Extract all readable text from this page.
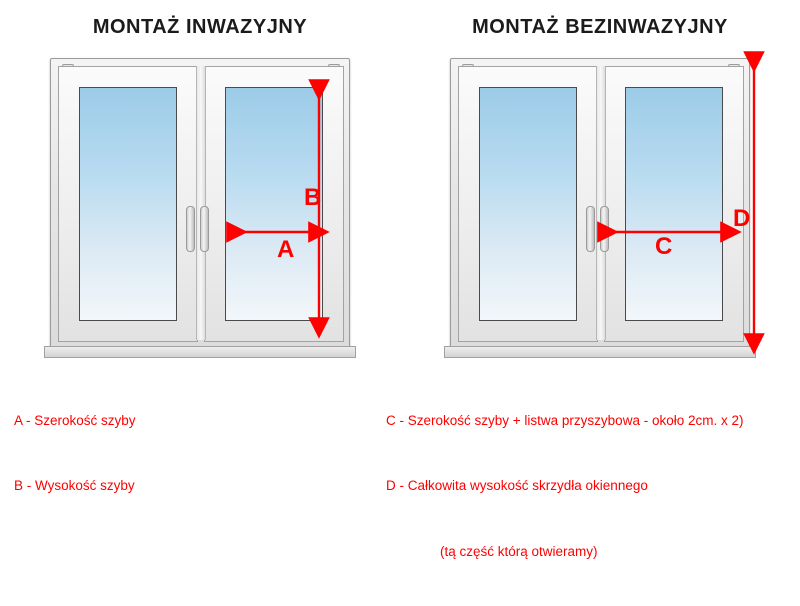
MONTAŻ INWAZYJNY
B
A

A - Szerokość szyby

B - Wysokość szyby

MONTAŻ BEZINWAZYJNY
D
C

C - Szerokość szyby + listwa przyszybowa - około 2cm. x 2)

D - Całkowita wysokość skrzydła okiennego

(tą część którą otwieramy)
